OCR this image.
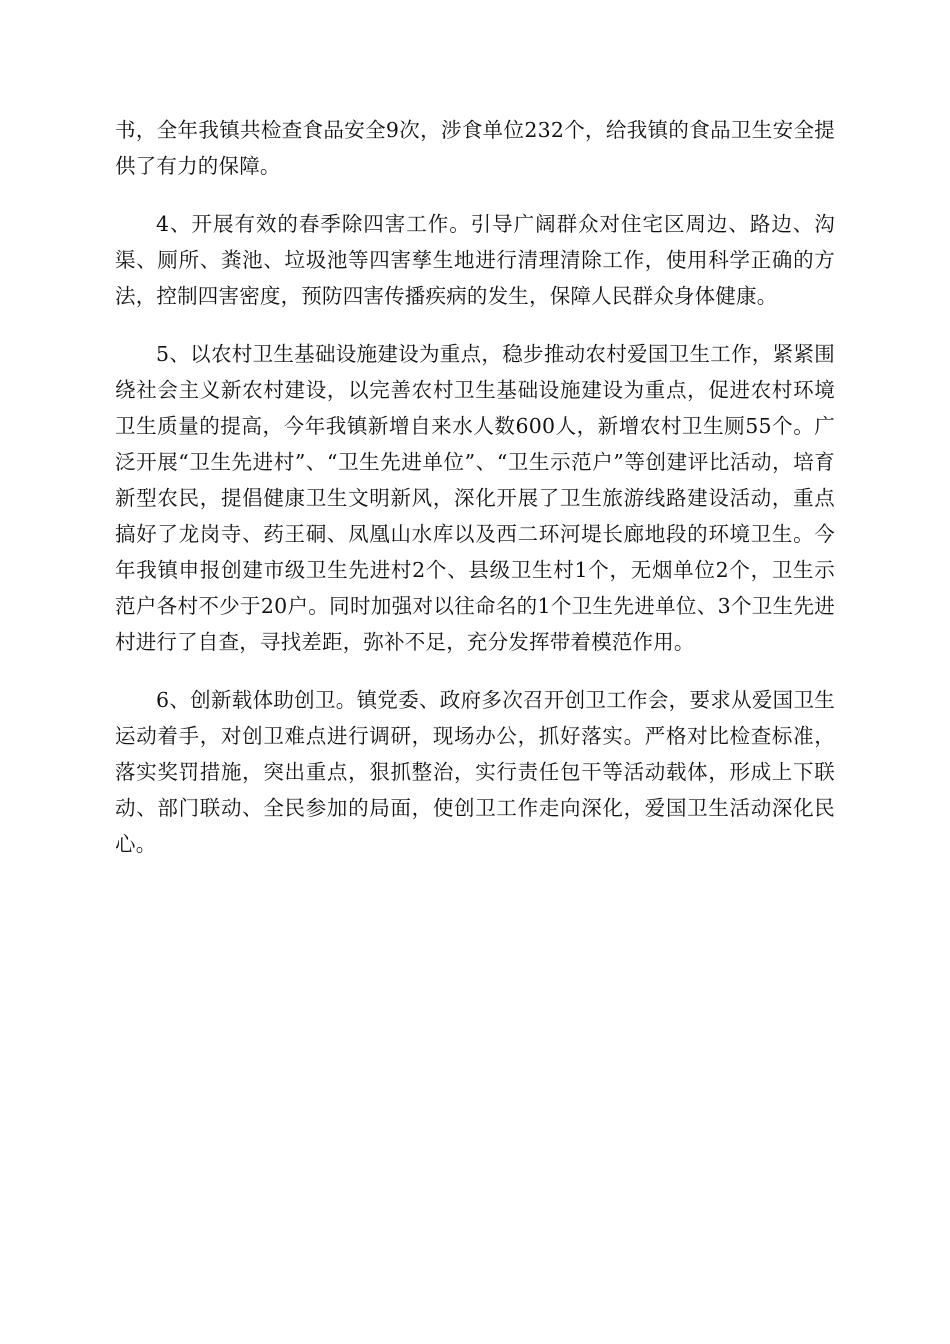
书，全年我镇共检查食品安全9次，涉食单位232个，给我镇的食品卫生安全提供了有力的保障。

4、开展有效的春季除四害工作。引导广阔群众对住宅区周边、路边、沟渠、厕所、粪池、垃圾池等四害孳生地进行清理清除工作，使用科学正确的方法，控制四害密度，预防四害传播疾病的发生，保障人民群众身体健康。

5、以农村卫生基础设施建设为重点，稳步推动农村爱国卫生工作，紧紧围绕社会主义新农村建设，以完善农村卫生基础设施建设为重点，促进农村环境卫生质量的提高，今年我镇新增自来水人数600人，新增农村卫生厕55个。广泛开展“卫生先进村”、“卫生先进单位”、“卫生示范户”等创建评比活动，培育新型农民，提倡健康卫生文明新风，深化开展了卫生旅游线路建设活动，重点搞好了龙岗寺、药王硐、凤凰山水库以及西二环河堤长廊地段的环境卫生。今年我镇申报创建市级卫生先进村2个、县级卫生村1个，无烟单位2个，卫生示范户各村不少于20户。同时加强对以往命名的1个卫生先进单位、3个卫生先进村进行了自查，寻找差距，弥补不足，充分发挥带着模范作用。

6、创新载体助创卫。镇党委、政府多次召开创卫工作会，要求从爱国卫生运动着手，对创卫难点进行调研，现场办公，抓好落实。严格对比检查标准，落实奖罚措施，突出重点，狠抓整治，实行责任包干等活动载体，形成上下联动、部门联动、全民参加的局面，使创卫工作走向深化，爱国卫生活动深化民心。
